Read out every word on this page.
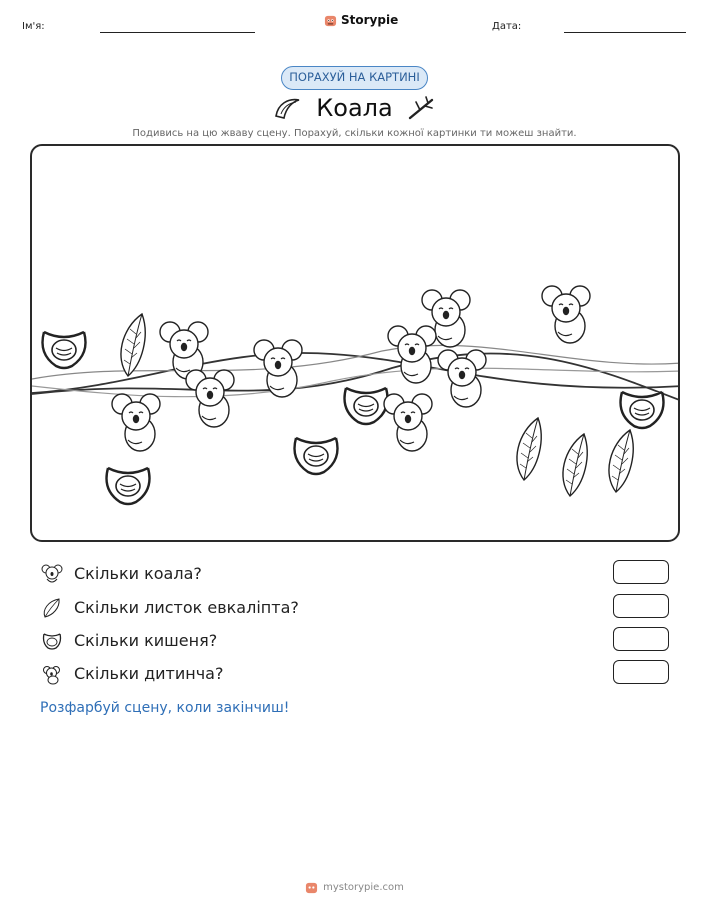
Ім'я:	Storypie	Дата:
ПОРАХУЙ НА КАРТИНІ
Коала
Подивись на цю жваву сцену. Порахуй, скільки кожної картинки ти можеш знайти.
Скільки коала?
Скільки листок евкаліпта?
Скільки кишеня?
Скільки дитинча?
Розфарбуй сцену, коли закінчиш!
mystorypie.com
